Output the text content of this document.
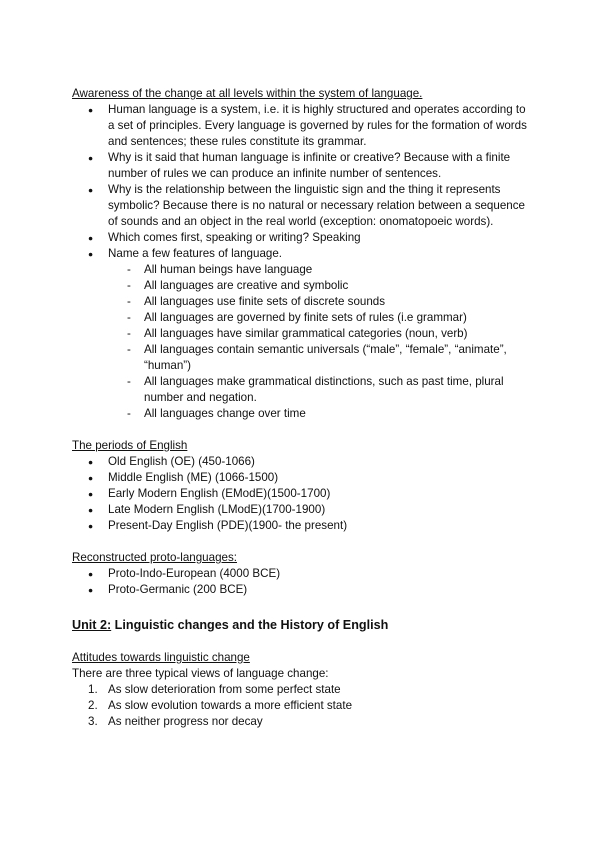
Awareness of the change at all levels within the system of language.

● Human language is a system, i.e. it is highly structured and operates according to a set of principles. Every language is governed by rules for the formation of words and sentences; these rules constitute its grammar.
● Why is it said that human language is infinite or creative? Because with a finite number of rules we can produce an infinite number of sentences.
● Why is the relationship between the linguistic sign and the thing it represents symbolic? Because there is no natural or necessary relation between a sequence of sounds and an object in the real world (exception: onomatopoeic words).
● Which comes first, speaking or writing? Speaking
● Name a few features of language.
- All human beings have language
- All languages are creative and symbolic
- All languages use finite sets of discrete sounds
- All languages are governed by finite sets of rules (i.e grammar)
- All languages have similar grammatical categories (noun, verb)
- All languages contain semantic universals (“male”, “female”, “animate”, “human”)
- All languages make grammatical distinctions, such as past time, plural number and negation.
- All languages change over time

The periods of English

● Old English (OE) (450-1066)
● Middle English (ME) (1066-1500)
● Early Modern English (EModE)(1500-1700)
● Late Modern English (LModE)(1700-1900)
● Present-Day English (PDE)(1900- the present)

Reconstructed proto-languages:

● Proto-Indo-European (4000 BCE)
● Proto-Germanic (200 BCE)

Unit 2: Linguistic changes and the History of English

Attitudes towards linguistic change

There are three typical views of language change:

1. As slow deterioration from some perfect state
2. As slow evolution towards a more efficient state
3. As neither progress nor decay
